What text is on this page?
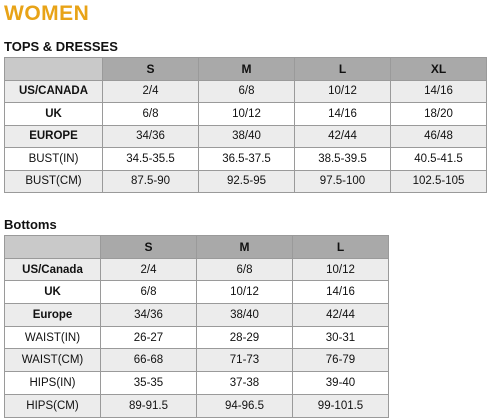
WOMEN
TOPS & DRESSES
	S	M	L	XL
US/CANADA	2/4	6/8	10/12	14/16
UK	6/8	10/12	14/16	18/20
EUROPE	34/36	38/40	42/44	46/48
BUST(IN)	34.5-35.5	36.5-37.5	38.5-39.5	40.5-41.5
BUST(CM)	87.5-90	92.5-95	97.5-100	102.5-105
Bottoms
	S	M	L
US/Canada	2/4	6/8	10/12
UK	6/8	10/12	14/16
Europe	34/36	38/40	42/44
WAIST(IN)	26-27	28-29	30-31
WAIST(CM)	66-68	71-73	76-79
HIPS(IN)	35-35	37-38	39-40
HIPS(CM)	89-91.5	94-96.5	99-101.5
